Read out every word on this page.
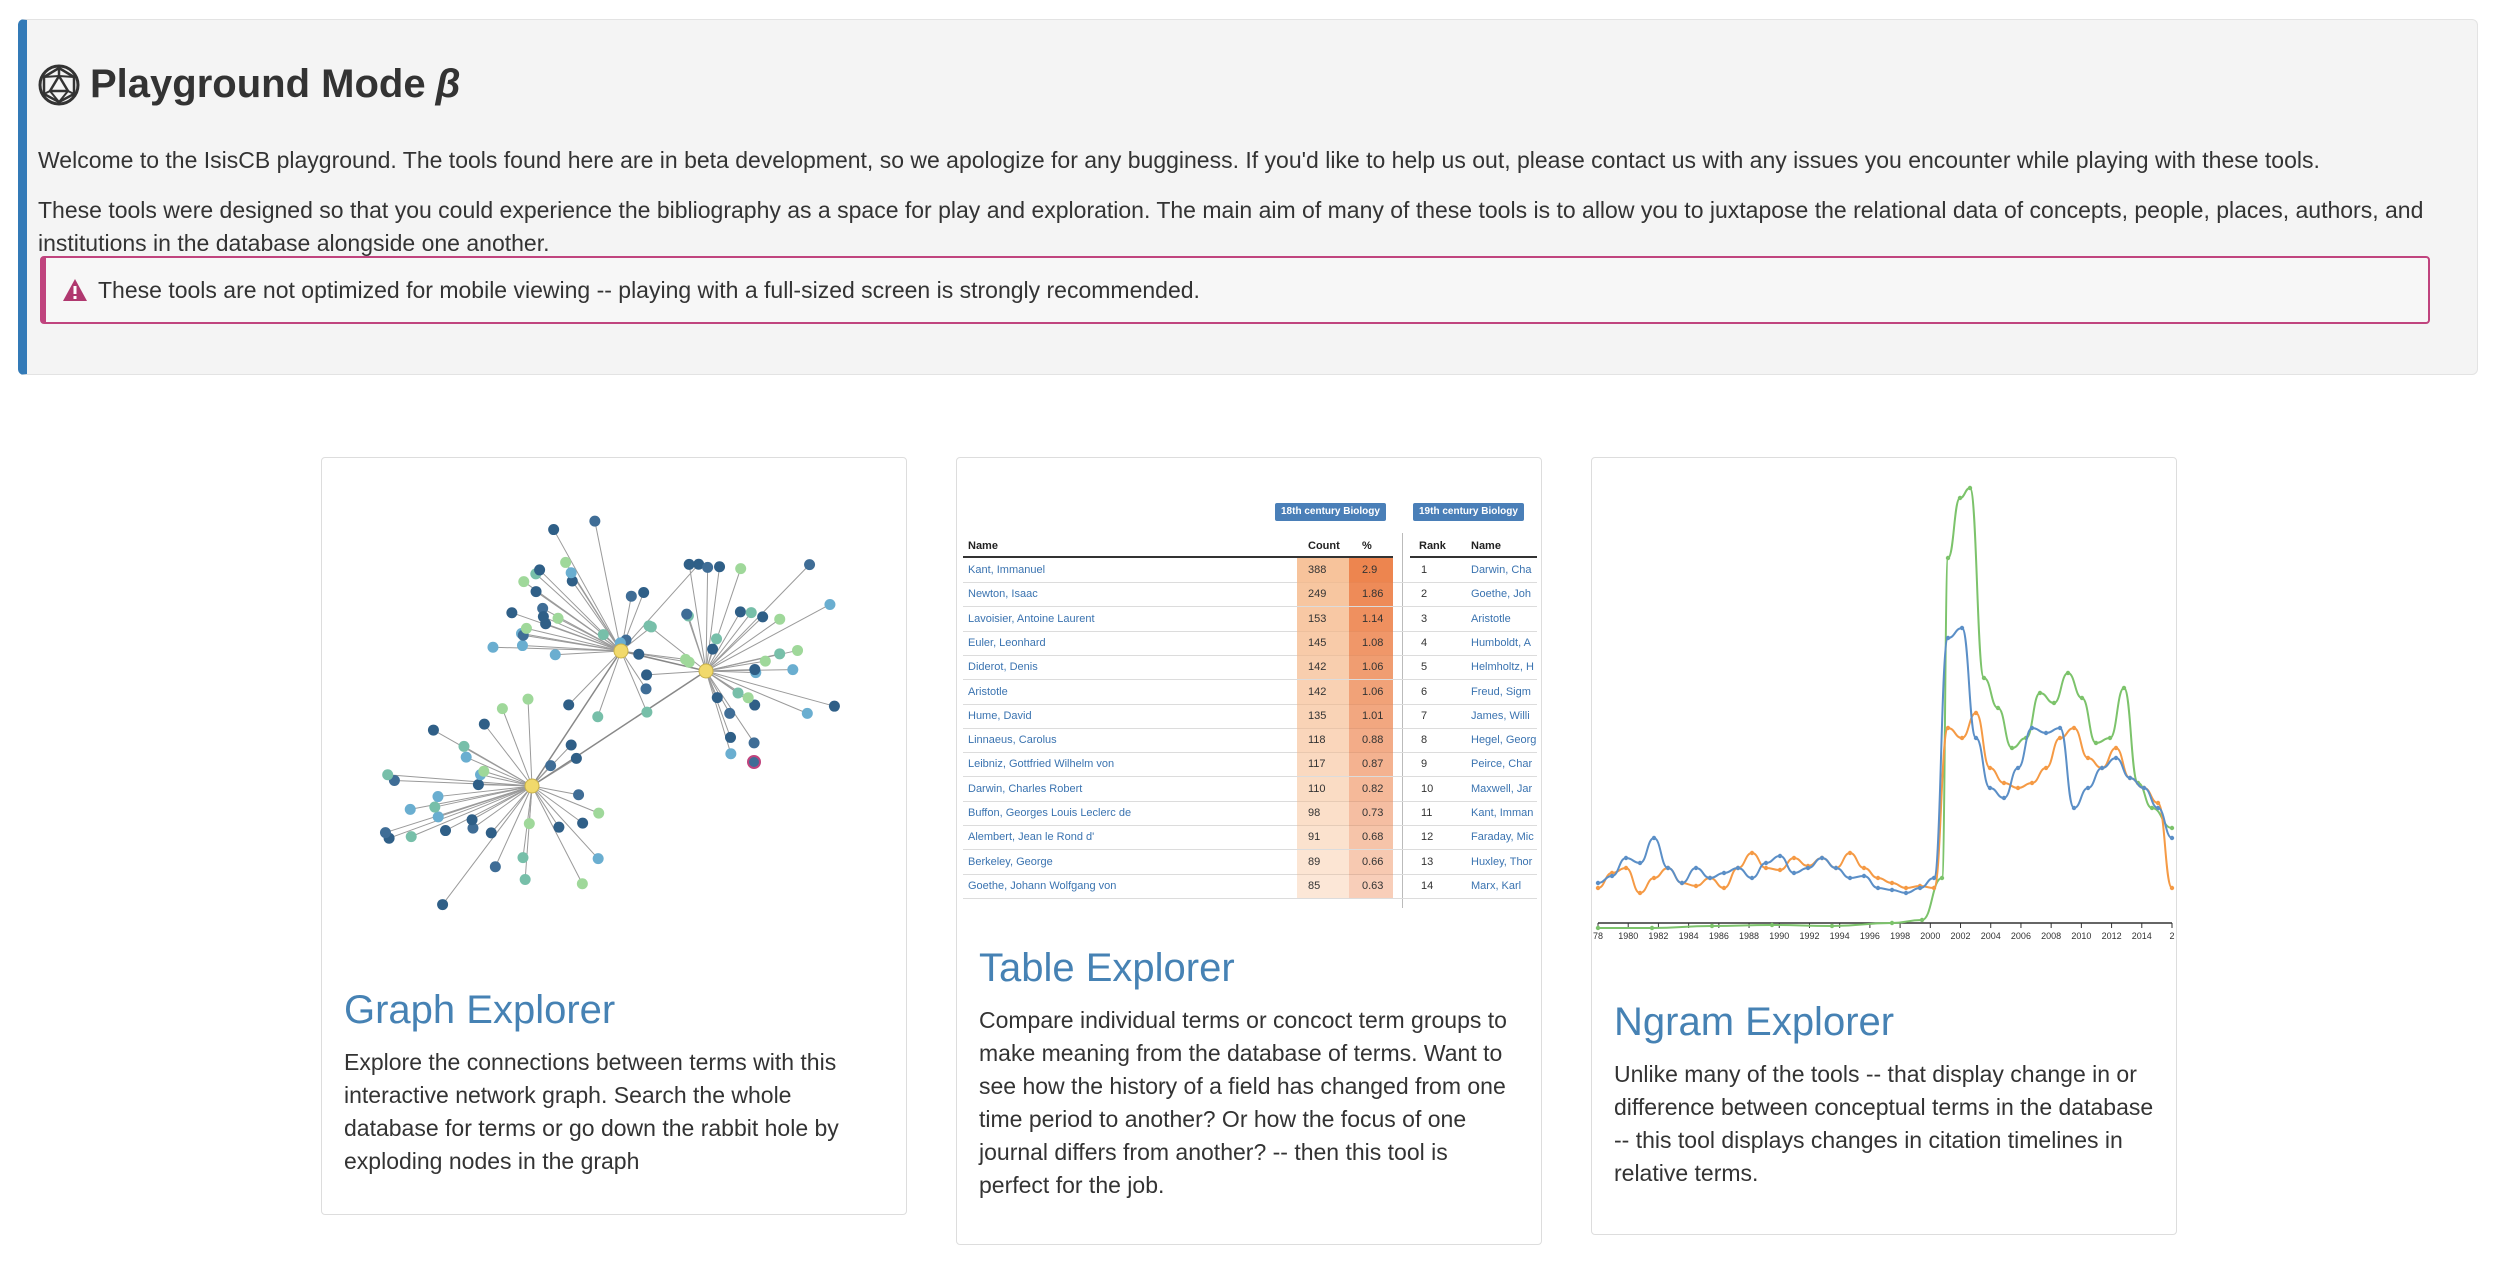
Playground Mode β

Welcome to the IsisCB playground. The tools found here are in beta development, so we apologize for any bugginess. If you'd like to help us out, please contact us with any issues you encounter while playing with these tools.

These tools were designed so that you could experience the bibliography as a space for play and exploration. The main aim of many of these tools is to allow you to juxtapose the relational data of concepts, people, places, authors, and institutions in the database alongside one another.

These tools are not optimized for mobile viewing -- playing with a full-sized screen is strongly recommended.
Graph Explorer

Explore the connections between terms with this interactive network graph. Search the whole database for terms or go down the rabbit hole by exploding nodes in the graph

18th century Biology	19th century Biology
Name	Count %	Rank Name
Kant, Immanuel	388	2.9	1	Darwin, Cha
Newton, Isaac	249	1.86	2	Goethe, Joh
Lavoisier, Antoine Laurent	153	1.14	3	Aristotle
Euler, Leonhard	145	1.08	4	Humboldt, A
Diderot, Denis	142	1.06	5	Helmholtz, H
Aristotle	142	1.06	6	Freud, Sigm
Hume, David	135	1.01	7	James, Willi
Linnaeus, Carolus	118	0.88	8	Hegel, Georg
Leibniz, Gottfried Wilhelm von	117	0.87	9	Peirce, Char
Darwin, Charles Robert	110	0.82	10	Maxwell, Jar
Buffon, Georges Louis Leclerc de	98	0.73	11	Kant, Imman
Alembert, Jean le Rond d'	91	0.68	12	Faraday, Mic
Berkeley, George	89	0.66	13	Huxley, Thor
Goethe, Johann Wolfgang von	85	0.63	14	Marx, Karl
Table Explorer

Compare individual terms or concoct term groups to make meaning from the database of terms. Want to see how the history of a field has changed from one time period to another? Or how the focus of one journal differs from another? -- then this tool is perfect for the job.

78 1980 1982 1984 1986 1988 1990 1992 1994 1996 1998 2000 2002 2004 2006 2008 2010 2012 2014 2
Ngram Explorer

Unlike many of the tools -- that display change in or difference between conceptual terms in the database -- this tool displays changes in citation timelines in relative terms.
